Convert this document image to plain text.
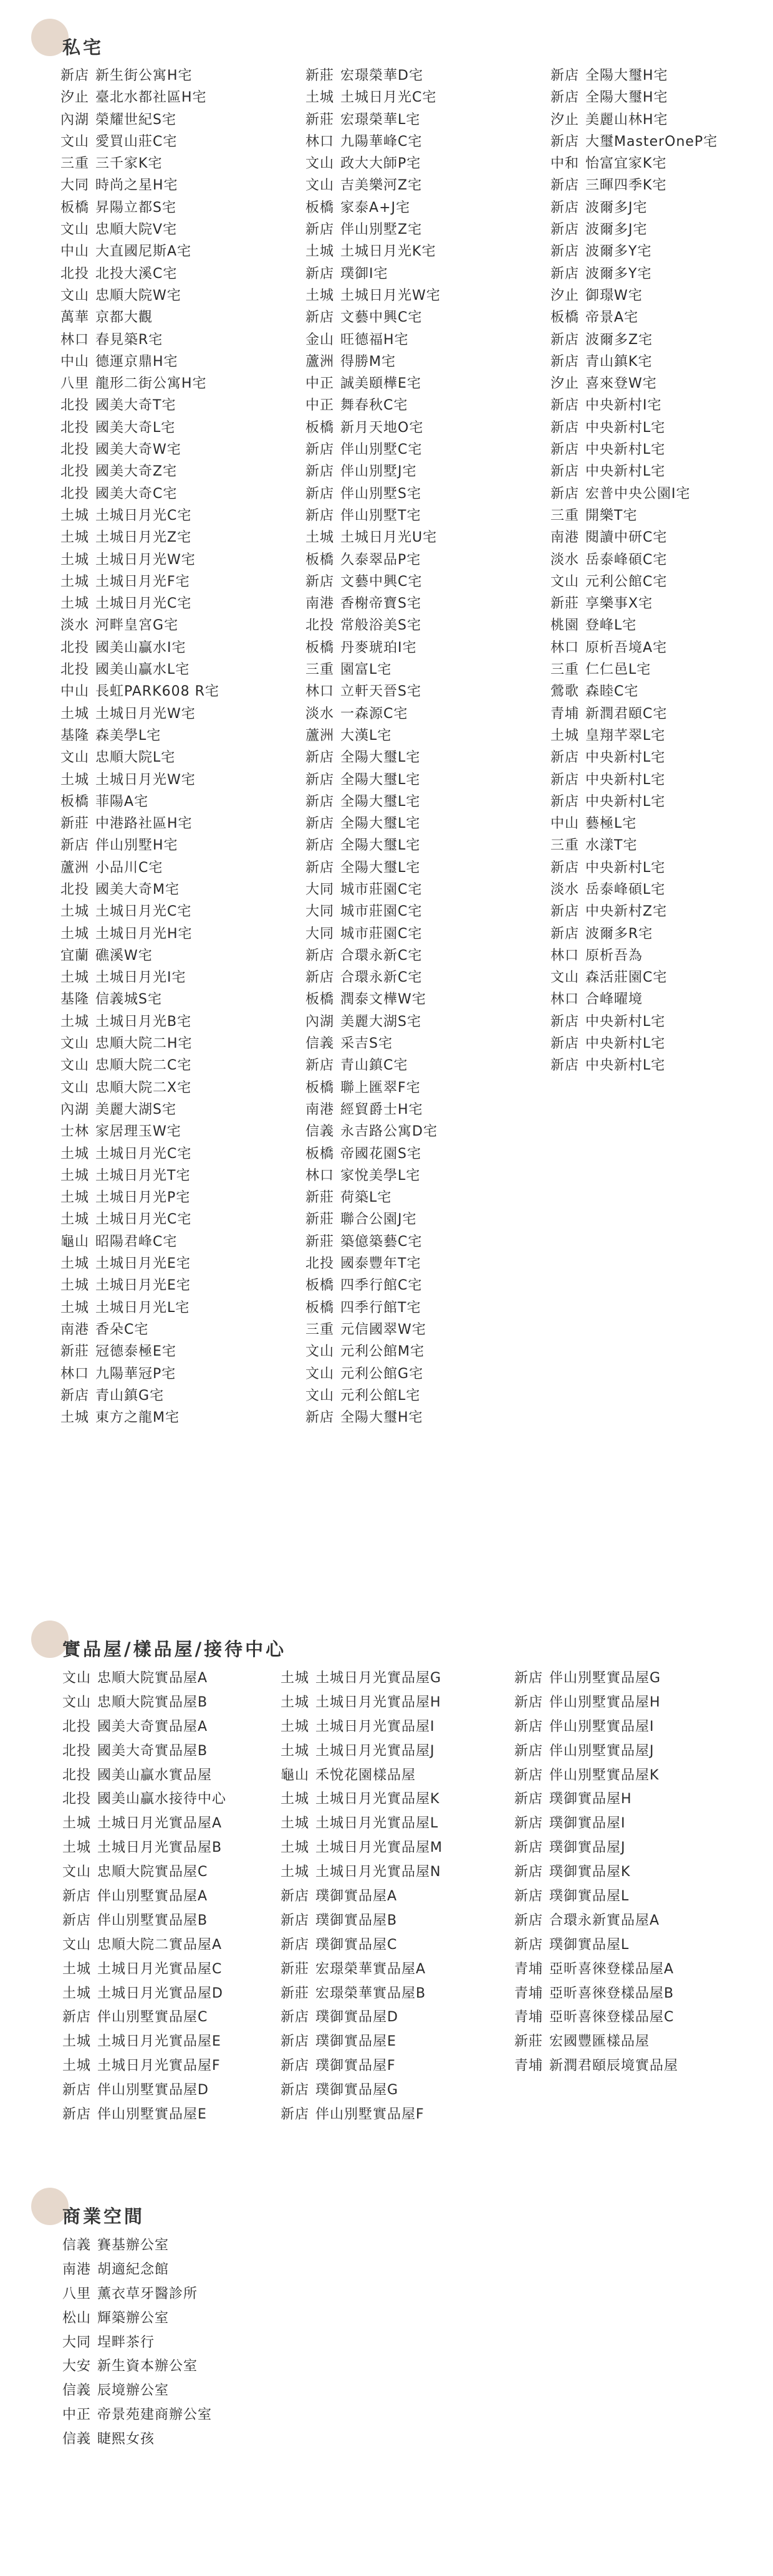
私宅
新店 新生街公寓H宅
汐止 臺北水都社區H宅
內湖 榮耀世紀S宅
文山 愛買山莊C宅
三重 三千家K宅
大同 時尚之星H宅
板橋 昇陽立都S宅
文山 忠順大院V宅
中山 大直國尼斯A宅
北投 北投大溪C宅
文山 忠順大院W宅
萬華 京都大觀
林口 春見築R宅
中山 德運京鼎H宅
八里 龍形二街公寓H宅
北投 國美大奇T宅
北投 國美大奇L宅
北投 國美大奇W宅
北投 國美大奇Z宅
北投 國美大奇C宅
土城 土城日月光C宅
土城 土城日月光Z宅
土城 土城日月光W宅
土城 土城日月光F宅
土城 土城日月光C宅
淡水 河畔皇宮G宅
北投 國美山贏水I宅
北投 國美山贏水L宅
中山 長虹PARK608 R宅
土城 土城日月光W宅
基隆 森美學L宅
文山 忠順大院L宅
土城 土城日月光W宅
板橋 菲陽A宅
新莊 中港路社區H宅
新店 伴山別墅H宅
蘆洲 小品川C宅
北投 國美大奇M宅
土城 土城日月光C宅
土城 土城日月光H宅
宜蘭 礁溪W宅
土城 土城日月光I宅
基隆 信義城S宅
土城 土城日月光B宅
文山 忠順大院二H宅
文山 忠順大院二C宅
文山 忠順大院二X宅
內湖 美麗大湖S宅
士林 家居理玉W宅
土城 土城日月光C宅
土城 土城日月光T宅
土城 土城日月光P宅
土城 土城日月光C宅
龜山 昭陽君峰C宅
土城 土城日月光E宅
土城 土城日月光E宅
土城 土城日月光L宅
南港 香朵C宅
新莊 冠德泰極E宅
林口 九陽華冠P宅
新店 青山鎮G宅
土城 東方之龍M宅
新莊 宏璟榮華D宅
土城 土城日月光C宅
新莊 宏璟榮華L宅
林口 九陽華峰C宅
文山 政大大師P宅
文山 吉美樂河Z宅
板橋 家泰A+J宅
新店 伴山別墅Z宅
土城 土城日月光K宅
新店 璞御I宅
土城 土城日月光W宅
新店 文藝中興C宅
金山 旺德福H宅
蘆洲 得勝M宅
中正 誠美頤樺E宅
中正 舞春秋C宅
板橋 新月天地O宅
新店 伴山別墅C宅
新店 伴山別墅J宅
新店 伴山別墅S宅
新店 伴山別墅T宅
土城 土城日月光U宅
板橋 久泰翠品P宅
新店 文藝中興C宅
南港 香榭帝寶S宅
北投 常般浴美S宅
板橋 丹麥琥珀I宅
三重 園富L宅
林口 立軒天晉S宅
淡水 一森源C宅
蘆洲 大漢L宅
新店 全陽大璽L宅
新店 全陽大璽L宅
新店 全陽大璽L宅
新店 全陽大璽L宅
新店 全陽大璽L宅
新店 全陽大璽L宅
大同 城市莊園C宅
大同 城市莊園C宅
大同 城市莊園C宅
新店 合環永新C宅
新店 合環永新C宅
板橋 潤泰文樺W宅
內湖 美麗大湖S宅
信義 采吉S宅
新店 青山鎮C宅
板橋 聯上匯翠F宅
南港 經貿爵士H宅
信義 永吉路公寓D宅
板橋 帝國花園S宅
林口 家悅美學L宅
新莊 荷築L宅
新莊 聯合公園J宅
新莊 築億築藝C宅
北投 國泰豐年T宅
板橋 四季行館C宅
板橋 四季行館T宅
三重 元信國翠W宅
文山 元利公館M宅
文山 元利公館G宅
文山 元利公館L宅
新店 全陽大璽H宅
新店 全陽大璽H宅
新店 全陽大璽H宅
汐止 美麗山林H宅
新店 大璽MasterOneP宅
中和 怡富宜家K宅
新店 三暉四季K宅
新店 波爾多J宅
新店 波爾多J宅
新店 波爾多Y宅
新店 波爾多Y宅
汐止 御璟W宅
板橋 帝景A宅
新店 波爾多Z宅
新店 青山鎮K宅
汐止 喜來登W宅
新店 中央新村I宅
新店 中央新村L宅
新店 中央新村L宅
新店 中央新村L宅
新店 宏普中央公園I宅
三重 開樂T宅
南港 閱讀中研C宅
淡水 岳泰峰碩C宅
文山 元利公館C宅
新莊 享樂事X宅
桃園 登峰L宅
林口 原析吾境A宅
三重 仁仁邑L宅
鶯歌 森睦C宅
青埔 新潤君頤C宅
土城 皇翔芊翠L宅
新店 中央新村L宅
新店 中央新村L宅
新店 中央新村L宅
中山 藝極L宅
三重 水漾T宅
新店 中央新村L宅
淡水 岳泰峰碩L宅
新店 中央新村Z宅
新店 波爾多R宅
林口 原析吾為
文山 森活莊園C宅
林口 合峰曜境
新店 中央新村L宅
新店 中央新村L宅
新店 中央新村L宅
實品屋/樣品屋/接待中心
文山 忠順大院實品屋A
文山 忠順大院實品屋B
北投 國美大奇實品屋A
北投 國美大奇實品屋B
北投 國美山贏水實品屋
北投 國美山贏水接待中心
土城 土城日月光實品屋A
土城 土城日月光實品屋B
文山 忠順大院實品屋C
新店 伴山別墅實品屋A
新店 伴山別墅實品屋B
文山 忠順大院二實品屋A
土城 土城日月光實品屋C
土城 土城日月光實品屋D
新店 伴山別墅實品屋C
土城 土城日月光實品屋E
土城 土城日月光實品屋F
新店 伴山別墅實品屋D
新店 伴山別墅實品屋E
土城 土城日月光實品屋G
土城 土城日月光實品屋H
土城 土城日月光實品屋I
土城 土城日月光實品屋J
龜山 禾悅花園樣品屋
土城 土城日月光實品屋K
土城 土城日月光實品屋L
土城 土城日月光實品屋M
土城 土城日月光實品屋N
新店 璞御實品屋A
新店 璞御實品屋B
新店 璞御實品屋C
新莊 宏璟榮華實品屋A
新莊 宏璟榮華實品屋B
新店 璞御實品屋D
新店 璞御實品屋E
新店 璞御實品屋F
新店 璞御實品屋G
新店 伴山別墅實品屋F
新店 伴山別墅實品屋G
新店 伴山別墅實品屋H
新店 伴山別墅實品屋I
新店 伴山別墅實品屋J
新店 伴山別墅實品屋K
新店 璞御實品屋H
新店 璞御實品屋I
新店 璞御實品屋J
新店 璞御實品屋K
新店 璞御實品屋L
新店 合環永新實品屋A
新店 璞御實品屋L
青埔 亞昕喜徠登樣品屋A
青埔 亞昕喜徠登樣品屋B
青埔 亞昕喜徠登樣品屋C
新莊 宏國豐匯樣品屋
青埔 新潤君頤辰境實品屋
商業空間
信義 賽基辦公室
南港 胡適紀念館
八里 薰衣草牙醫診所
松山 輝築辦公室
大同 埕畔茶行
大安 新生資本辦公室
信義 辰境辦公室
中正 帝景苑建商辦公室
信義 睫熙女孩
